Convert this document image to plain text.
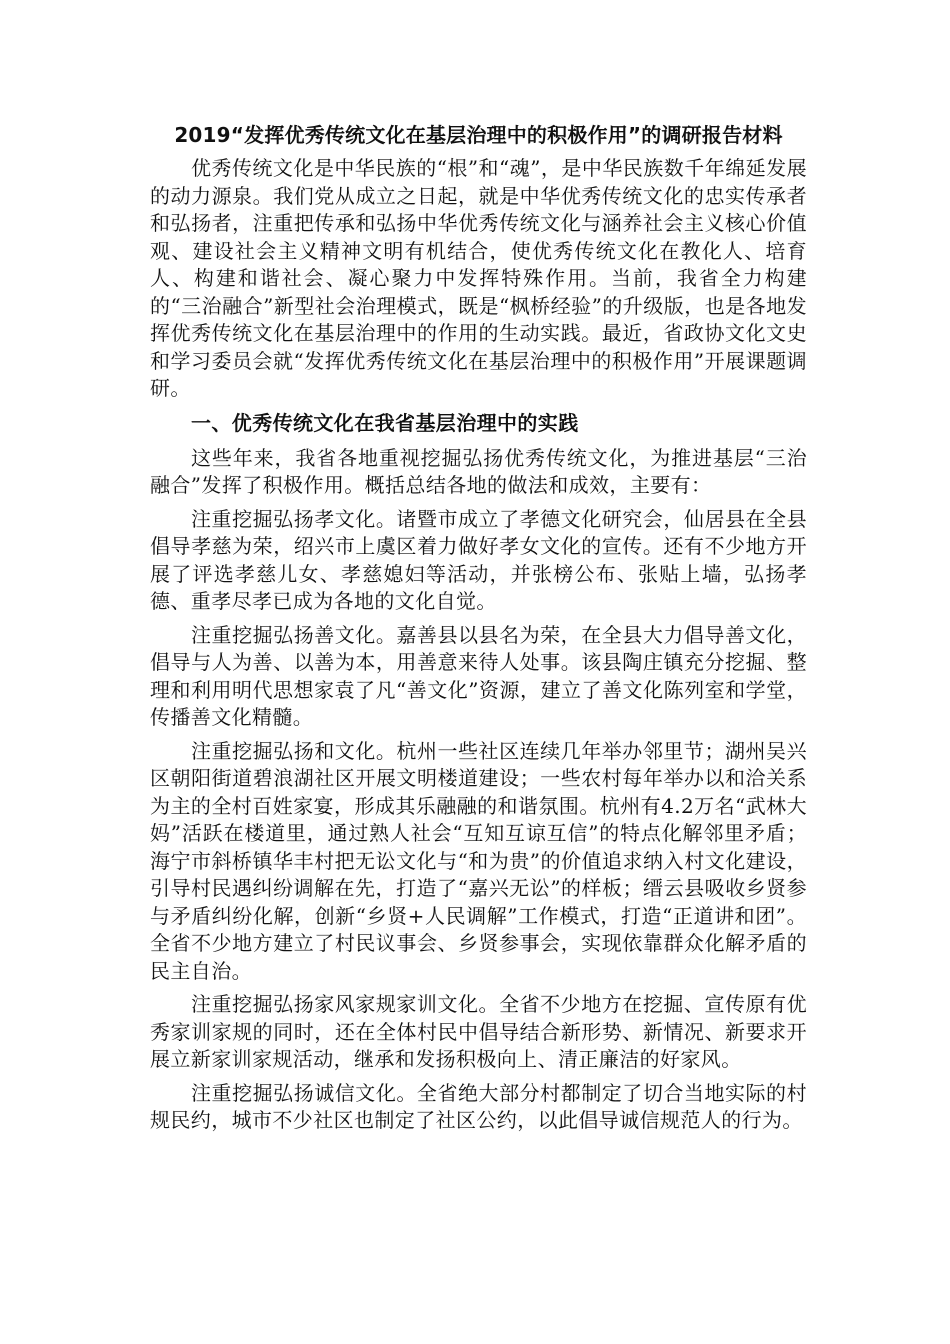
2019“发挥优秀传统文化在基层治理中的积极作用”的调研报告材料

优秀传统文化是中华民族的“根”和“魂”，是中华民族数千年绵延发展的动力源泉。我们党从成立之日起，就是中华优秀传统文化的忠实传承者和弘扬者，注重把传承和弘扬中华优秀传统文化与涵养社会主义核心价值观、建设社会主义精神文明有机结合，使优秀传统文化在教化人、培育人、构建和谐社会、凝心聚力中发挥特殊作用。当前，我省全力构建的“三治融合”新型社会治理模式，既是“枫桥经验”的升级版，也是各地发挥优秀传统文化在基层治理中的作用的生动实践。最近，省政协文化文史和学习委员会就“发挥优秀传统文化在基层治理中的积极作用”开展课题调研。

一、优秀传统文化在我省基层治理中的实践

这些年来，我省各地重视挖掘弘扬优秀传统文化，为推进基层“三治融合”发挥了积极作用。概括总结各地的做法和成效，主要有：

注重挖掘弘扬孝文化。诸暨市成立了孝德文化研究会，仙居县在全县倡导孝慈为荣，绍兴市上虞区着力做好孝女文化的宣传。还有不少地方开展了评选孝慈儿女、孝慈媳妇等活动，并张榜公布、张贴上墙，弘扬孝德、重孝尽孝已成为各地的文化自觉。

注重挖掘弘扬善文化。嘉善县以县名为荣，在全县大力倡导善文化，倡导与人为善、以善为本，用善意来待人处事。该县陶庄镇充分挖掘、整理和利用明代思想家袁了凡“善文化”资源，建立了善文化陈列室和学堂，传播善文化精髓。

注重挖掘弘扬和文化。杭州一些社区连续几年举办邻里节；湖州吴兴区朝阳街道碧浪湖社区开展文明楼道建设；一些农村每年举办以和洽关系为主的全村百姓家宴，形成其乐融融的和谐氛围。杭州有4.2万名“武林大妈”活跃在楼道里，通过熟人社会“互知互谅互信”的特点化解邻里矛盾；海宁市斜桥镇华丰村把无讼文化与“和为贵”的价值追求纳入村文化建设，引导村民遇纠纷调解在先，打造了“嘉兴无讼”的样板；缙云县吸收乡贤参与矛盾纠纷化解，创新“乡贤+人民调解”工作模式，打造“正道讲和团”。全省不少地方建立了村民议事会、乡贤参事会，实现依靠群众化解矛盾的民主自治。

注重挖掘弘扬家风家规家训文化。全省不少地方在挖掘、宣传原有优秀家训家规的同时，还在全体村民中倡导结合新形势、新情况、新要求开展立新家训家规活动，继承和发扬积极向上、清正廉洁的好家风。

注重挖掘弘扬诚信文化。全省绝大部分村都制定了切合当地实际的村规民约，城市不少社区也制定了社区公约，以此倡导诚信规范人的行为。
